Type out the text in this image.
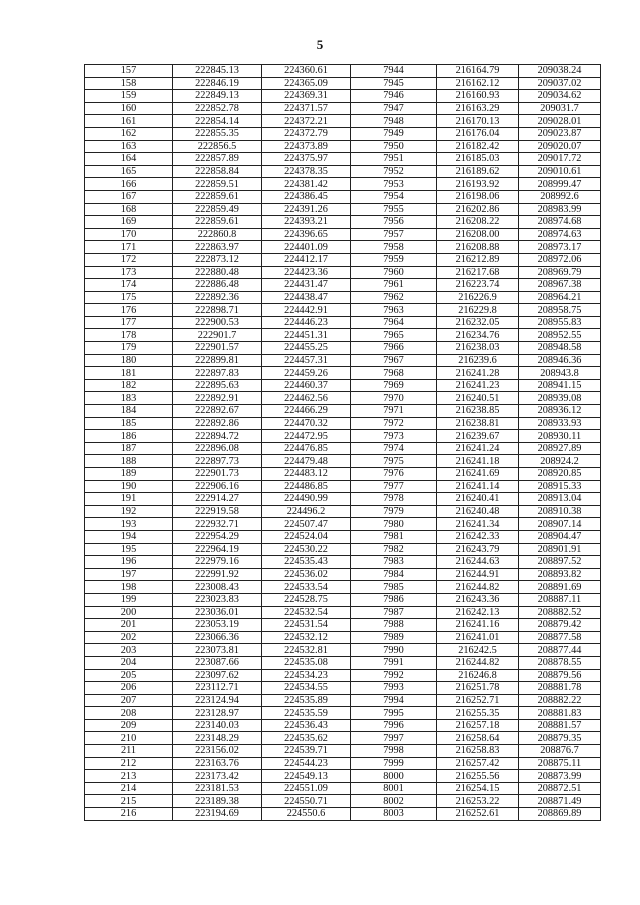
5
157	222845.13	224360.61	7944	216164.79	209038.24
158	222846.19	224365.09	7945	216162.12	209037.02
159	222849.13	224369.31	7946	216160.93	209034.62
160	222852.78	224371.57	7947	216163.29	209031.7
161	222854.14	224372.21	7948	216170.13	209028.01
162	222855.35	224372.79	7949	216176.04	209023.87
163	222856.5	224373.89	7950	216182.42	209020.07
164	222857.89	224375.97	7951	216185.03	209017.72
165	222858.84	224378.35	7952	216189.62	209010.61
166	222859.51	224381.42	7953	216193.92	208999.47
167	222859.61	224386.45	7954	216198.06	208992.6
168	222859.49	224391.26	7955	216202.86	208983.99
169	222859.61	224393.21	7956	216208.22	208974.68
170	222860.8	224396.65	7957	216208.00	208974.63
171	222863.97	224401.09	7958	216208.88	208973.17
172	222873.12	224412.17	7959	216212.89	208972.06
173	222880.48	224423.36	7960	216217.68	208969.79
174	222886.48	224431.47	7961	216223.74	208967.38
175	222892.36	224438.47	7962	216226.9	208964.21
176	222898.71	224442.91	7963	216229.8	208958.75
177	222900.53	224446.23	7964	216232.05	208955.83
178	222901.7	224451.31	7965	216234.76	208952.55
179	222901.57	224455.25	7966	216238.03	208948.58
180	222899.81	224457.31	7967	216239.6	208946.36
181	222897.83	224459.26	7968	216241.28	208943.8
182	222895.63	224460.37	7969	216241.23	208941.15
183	222892.91	224462.56	7970	216240.51	208939.08
184	222892.67	224466.29	7971	216238.85	208936.12
185	222892.86	224470.32	7972	216238.81	208933.93
186	222894.72	224472.95	7973	216239.67	208930.11
187	222896.08	224476.85	7974	216241.24	208927.89
188	222897.73	224479.48	7975	216241.18	208924.2
189	222901.73	224483.12	7976	216241.69	208920.85
190	222906.16	224486.85	7977	216241.14	208915.33
191	222914.27	224490.99	7978	216240.41	208913.04
192	222919.58	224496.2	7979	216240.48	208910.38
193	222932.71	224507.47	7980	216241.34	208907.14
194	222954.29	224524.04	7981	216242.33	208904.47
195	222964.19	224530.22	7982	216243.79	208901.91
196	222979.16	224535.43	7983	216244.63	208897.52
197	222991.92	224536.02	7984	216244.91	208893.82
198	223008.43	224533.54	7985	216244.82	208891.69
199	223023.83	224528.75	7986	216243.36	208887.11
200	223036.01	224532.54	7987	216242.13	208882.52
201	223053.19	224531.54	7988	216241.16	208879.42
202	223066.36	224532.12	7989	216241.01	208877.58
203	223073.81	224532.81	7990	216242.5	208877.44
204	223087.66	224535.08	7991	216244.82	208878.55
205	223097.62	224534.23	7992	216246.8	208879.56
206	223112.71	224534.55	7993	216251.78	208881.78
207	223124.94	224535.89	7994	216252.71	208882.22
208	223128.97	224535.59	7995	216255.35	208881.83
209	223140.03	224536.43	7996	216257.18	208881.57
210	223148.29	224535.62	7997	216258.64	208879.35
211	223156.02	224539.71	7998	216258.83	208876.7
212	223163.76	224544.23	7999	216257.42	208875.11
213	223173.42	224549.13	8000	216255.56	208873.99
214	223181.53	224551.09	8001	216254.15	208872.51
215	223189.38	224550.71	8002	216253.22	208871.49
216	223194.69	224550.6	8003	216252.61	208869.89
